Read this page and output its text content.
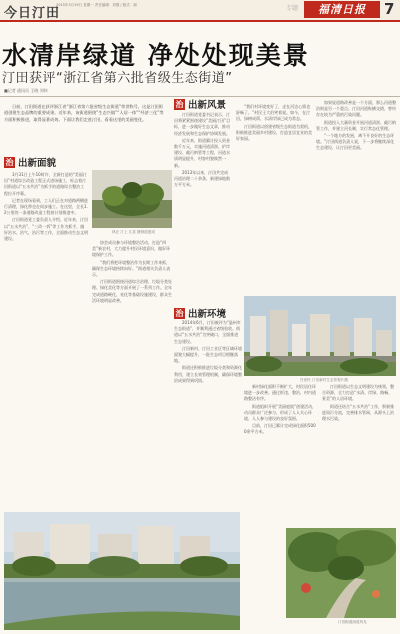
今日汀田
2015年3月19日 星期一 责任编辑：刘强 / 版式：谢	专题	福清日报	7
水清岸绿道 净处处现美景
汀田获评“浙江省第六批省级生态街道”
■记者 通讯员 王晓 刘伟
日前，汀田街道在获评浙江省“浙江省第六批省级生态街道”荣誉称号，这是汀田街道创建生态品牌的重要成果。近年来，该街道围绕“生态兴镇”“人居一体”“经济三化”等方面积极推进，取得显著成效。下面让我们走进汀田，看看这里的美丽变化。
治 出新面貌
林正 汀上 江县 摄制道建成

3月31日上午10时许，全新打造的“美丽汀田”村道综合改造工程正式进场施工，标志着汀田街道以“五水共治”为抓手的道路综合整治工程拉开序幕。

记者在现场看到，工人们正在对道路两侧进行清理，绿化带也在同步施工。在这里，全长1.2公里的一条道路改造工程按计划推进中。

汀田街道党工委负责人介绍，近年来，汀田以“五水共治”、“三改一拆”等工作为抓手，做好治水、治气、治污等工作，全面推动生态文明建设。

协会成员参与环境整治活动，打造“四美”新农村，大力提升村民环境意识，做好环境保护工作。

“我们将把环境整治作为长期工作来抓，确保生态环境持续向好。”街道相关负责人表示。

汀田街道围绕河道综合治理、垃圾分类处理、绿化美化等方面开展了一系列工作。全年完成道路硬化、亮化等基础设施建设，群众生活环境明显改善。

治 出新风景

汀田街道党委书记表示，汀田将紧紧围绕建设“美丽汀田”目标，进一步做好生态文章，推动经济发展和生态保护协调发展。

近年来，街道累计投入资金数千万元，实施河道清淤、护岸建设、截污纳管等工程，河道水质明显提升，村容村貌焕然一新。

2013年以来，汀田共完成河道治理二十余条，新建绿地数万平方米。

“我们村环境变好了，走在河边心情也舒畅了。”村民王大伯笑着说。如今，在汀田，绿树成荫、水清岸绿已成为常态。

汀田街道以创建省级生态街道为契机，积极推进美丽乡村建设，打造宜居宜业的美好家园。

如果说道路改善是一个方面，那么河道整治则是另一个重点。汀田河道纵横交错，曾经存在较为严重的污染问题。

街道投入大量资金开展河道清淤、截污纳管工作，并建立河长制，实行常态化管理。

“一个地方的发展，离不开良好的生态环境。”汀田街道负责人说，下一步将继续深化生态建设，让汀田更美丽。

治 出新环境
吕爱民 汀田新村生态景观片摄

2014年6月，汀田被评为“温州市生态街道”，并顺利通过省级验收。街道以“五水共治”为突破口，全面推进生态建设。

汀田新村、汀田工业区等区域环境面貌大幅提升，一批生态项目相继落地。

街道还积极推进垃圾分类和资源化利用，建立长效管理机制，确保环境整治成果得到巩固。

新村绿化面积不断扩大，村民居住环境进一步改善。通过拆违、整治，村内道路整洁有序。

街道组织开展“美丽庭院”创建活动，动员群众广泛参与，形成了人人关心环境、人人参与建设的良好氛围。

目前，汀田已累计完成绿化面积5000余平方米。

汀田街道以生态文明建设为统领，整合资源，全力打造“水清、岸绿、路畅、景美”的人居环境。

街道还结合“五水共治”工作，积极推进雨污分流，完善排水管网，从源头上治理水污染。

汀田街道绿道风光
